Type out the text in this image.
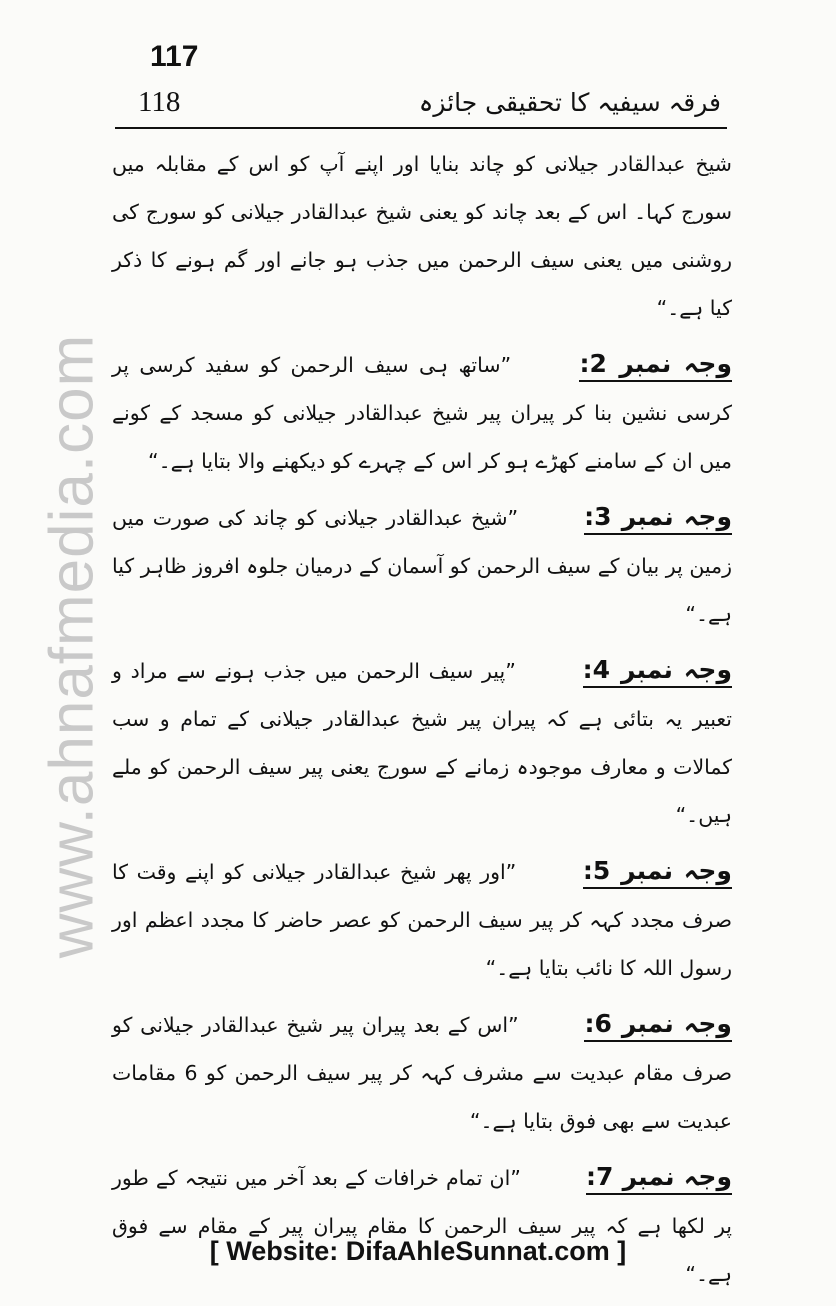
117
118	فرقہ سیفیہ کا تحقیقی جائزہ
www.ahnafmedia.com

شیخ عبدالقادر جیلانی کو چاند بنایا اور اپنے آپ کو اس کے مقابلہ میں سورج کہا۔ اس کے بعد چاند کو یعنی شیخ عبدالقادر جیلانی کو سورج کی روشنی میں یعنی سیف الرحمن میں جذب ہو جانے اور گم ہونے کا ذکر کیا ہے۔“

وجہ نمبر 2: ”ساتھ ہی سیف الرحمن کو سفید کرسی پر کرسی نشین بنا کر پیران پیر شیخ عبدالقادر جیلانی کو مسجد کے کونے میں ان کے سامنے کھڑے ہو کر اس کے چہرے کو دیکھنے والا بتایا ہے۔“

وجہ نمبر 3: ”شیخ عبدالقادر جیلانی کو چاند کی صورت میں زمین پر بیان کے سیف الرحمن کو آسمان کے درمیان جلوہ افروز ظاہر کیا ہے۔“

وجہ نمبر 4: ”پیر سیف الرحمن میں جذب ہونے سے مراد و تعبیر یہ بتائی ہے کہ پیران پیر شیخ عبدالقادر جیلانی کے تمام و سب کمالات و معارف موجودہ زمانے کے سورج یعنی پیر سیف الرحمن کو ملے ہیں۔“

وجہ نمبر 5: ”اور پھر شیخ عبدالقادر جیلانی کو اپنے وقت کا صرف مجدد کہہ کر پیر سیف الرحمن کو عصر حاضر کا مجدد اعظم اور رسول اللہ کا نائب بتایا ہے۔“

وجہ نمبر 6: ”اس کے بعد پیران پیر شیخ عبدالقادر جیلانی کو صرف مقام عبدیت سے مشرف کہہ کر پیر سیف الرحمن کو 6 مقامات عبدیت سے بھی فوق بتایا ہے۔“

وجہ نمبر 7: ”ان تمام خرافات کے بعد آخر میں نتیجہ کے طور پر لکھا ہے کہ پیر سیف الرحمن کا مقام پیران پیر کے مقام سے فوق ہے۔“

[ Website: DifaAhleSunnat.com ]
